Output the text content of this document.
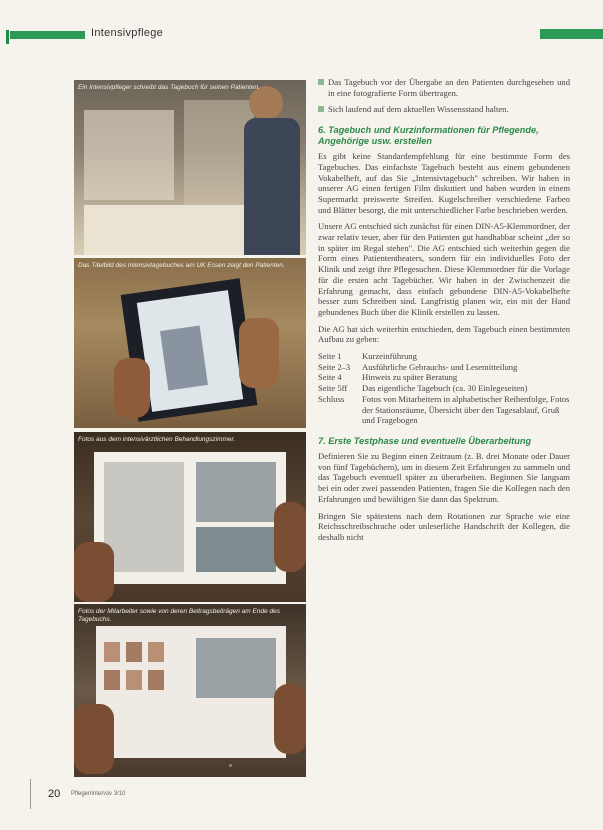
Intensivpflege
Ein Intensivpfleger schreibt das Tagebuch für seinen Patienten.
Das Titelbild des Intensivtagebuches am UK Essen zeigt den Patienten.
Fotos aus dem intensivärztlichen Behandlungszimmer.
Fotos der Mitarbeiter sowie von deren Beitragsbeiträgen am Ende des Tagebuchs.

Das Tagebuch vor der Übergabe an den Patienten durchgesehen und in eine fotografierte Form übertragen.

Sich laufend auf dem aktuellen Wissensstand halten.

6. Tagebuch und Kurzinformationen für Pflegende, Angehörige usw. erstellen

Es gibt keine Standardempfehlung für eine bestimmte Form des Tagebuches. Das einfachste Tagebuch besteht aus einem gebundenen Vokabelheft, auf das Sie „Intensivtagebuch" schreiben. Wir haben in unserer AG einen fertigen Film diskutiert und haben wurden in einem Supermarkt preiswerte Streifen. Kugelschreiber verschiedene Farben und Blätter besorgt, die mit unterschiedlicher Farbe beschrieben werden.

Unsere AG entschied sich zunächst für einen DIN-A5-Klemmordner, der zwar relativ teuer, aber für den Patienten gut handhabbar scheint „der so in später im Regal stehen". Die AG entschied sich weiterhin gegen die Form eines Patiententheaters, sondern für ein individuelles Foto der Klinik und zeigt ihre Pflegesuchen. Diese Klemmordner für die Vorlage für die ersten acht Tagebücher. Wir haben in der Zwischenzeit die Erfahrung gemacht, dass einfach gebundene DIN-A5-Vokabelhefte besser zum Schreiben sind. Langfristig planen wir, ein mit der Hand gebundenes Buch über die Klinik erstellen zu lassen.

Die AG hat sich weiterhin entschieden, dem Tagebuch einen bestimmten Aufbau zu geben:

Seite 1	Kurzeinführung
Seite 2–3	Ausführliche Gebrauchs- und Lesemitteilung
Seite 4	Hinweis zu später Beratung
Seite 5ff	Das eigentliche Tagebuch (ca. 30 Einlegeseiten)
Schluss	Fotos von Mitarbeitern in alphabetischer Reihenfolge, Fotos der Stationsräume, Übersicht über den Tagesablauf, Gruß und Fragebogen
7. Erste Testphase und eventuelle Überarbeitung

Definieren Sie zu Beginn einen Zeitraum (z. B. drei Monate oder Dauer von fünf Tagebüchern), um in diesem Zeit Erfahrungen zu sammeln und das Tagebuch eventuell später zu überarbeiten. Beginnen Sie langsam bei ein oder zwei passenden Patienten, fragen Sie die Kollegen nach den Erfahrungen und bewältigen Sie dann das Spektrum.

Bringen Sie spätestens nach dem Rotationen zur Sprache wie eine Reichsschreibschrache oder unleserliche Handschrift der Kollegen, die deshalb nicht

20 PflegenIntensiv 3/10
